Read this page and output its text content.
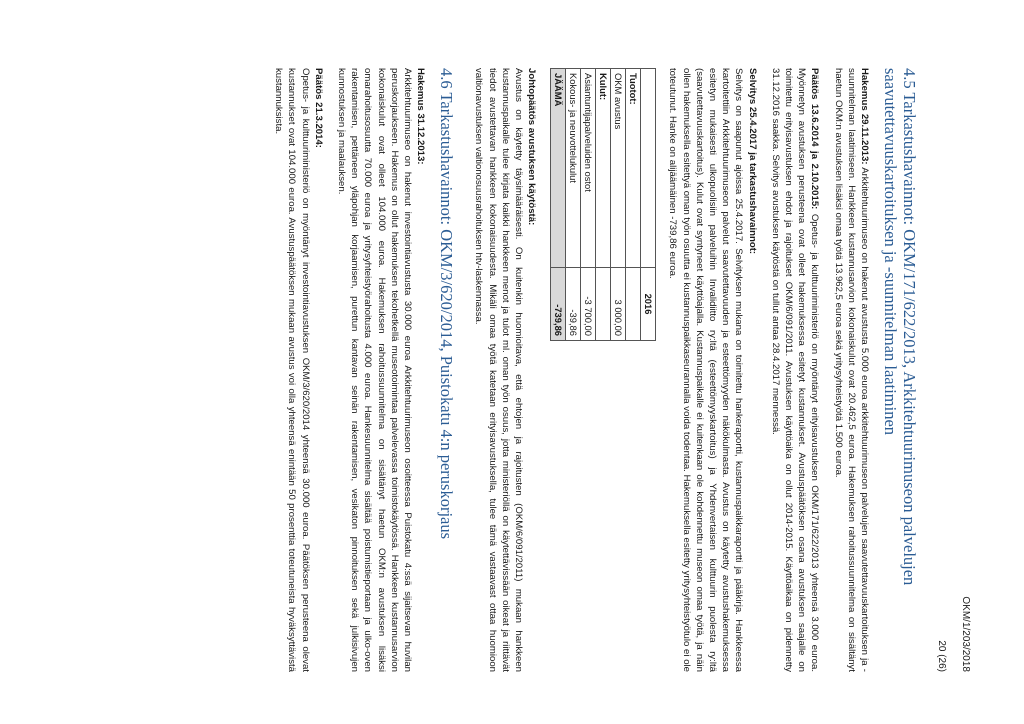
OKM/1/203/2018
20 (26)
4.5 Tarkastushavainnot: OKM/171/622/2013, Arkkitehtuurimuseon palvelujen saavutettavuuskartoituksen ja -suunnitelman laatiminen

Hakemus 29.11.2013: Arkkitehtuurimuseo on hakenut avustusta 5.000 euroa arkkitehtuurimuseon palvelujen saavutettavuuskartoituksen ja -suunnitelman laatimiseen. Hankkeen kustannusarvion kokonaiskulut ovat 20.462,5 euroa. Hakemuksen rahoitussuunnitelma on sisältänyt haetun OKM:n avustuksen lisäksi omaa työtä 13.962,5 euroa sekä yritysyhteistyötä 1.500 euroa.

Päätös 13.6.2014 ja 2.10.2015: Opetus- ja kulttuuriministeriö on myöntänyt erityisavustuksen OKM/171/622/2013 yhteensä 3.000 euroa. Myönnetyn avustuksen perusteena ovat olleet hakemuksessa esitetyt kustannukset. Avustuspäätöksen osana avustuksen saajalle on toimitettu erityisavustuksen ehdot ja rajoitukset OKM/6/091/2011. Avustuksen käyttöaika on ollut 2014-2015. Käyttöaikaa on pidennetty 31.12.2016 saakka. Selvitys avustuksen käytöstä on tullut antaa 28.4.2017 mennessä.

Selvitys 25.4.2017 ja tarkastushavainnot:
Selvitys on saapunut ajoissa 25.4.2017. Selvityksen mukana on toimitettu hankeraportti, kustannuspaikkaraportti ja pääkirja. Hankkeessa kartoitettiin Arkkitehtuurimuseon palvelut saavutettavuuden ja esteettömyyden näkökulmasta. Avustus on käytetty avustushakemuksessa esitetyn mukaisesti ulkopuolisiin palveluihin Invalidiitto ry:ltä (esteettömyyskartoitus) ja Yhdenvertaisen kulttuurin puolesta ry:ltä (saavutettavuuskartoitus). Kulut ovat syntyneet käyttöajalla. Kustannuspaikalle ei kuitenkaan ole kohdennettu museon omaa työtä, ja näin ollen hakemuksella esitettyä oman työn osuutta ei kustannuspaikkaseurannalla voida todentaa. Hakemuksella esitetty yritysyhteistyötulo ei ole toteutunut. Hanke on alijäämäinen -739,86 euroa.

	2016
Tuotot:	
OKM avustus	3 000,00
Kulut:	
Asiantuntijapalveluiden ostot	-3 700,00
Kokous- ja neuvottelukulut	-39,86
JÄÄMÄ	-739,86

Johtopäätös avustuksen käytöstä:
Avustus on käytetty täysimääräisesti. On kuitenkin huomioitava, että ehtojen ja rajoitusten (OKM/6/091/2011) mukaan hankkeen kustannuspaikalle tulee kirjata kaikki hankkeen menot ja tulot ml. oman työn osuus, jotta ministeriöllä on käytettävissään oikeat ja riittävät tiedot avustettavan hankkeen kokonaisuudesta. Mikäli omaa työtä katetaan erityisavustuksella, tulee tämä vastaavast ottaa huomioon valtionavustuksen valtionosuusrahoituksen htv-laskennassa.

4.6 Tarkastushavainnot: OKM/3/620/2014, Puistokatu 4:n peruskorjaus

Hakemus 31.12.2013:
Arkkitehtuurimuseo on hakenut investointiavustusta 30.000 euroa Arkkitehtuurimuseon osoitteessa Puistokatu 4:ssä sijaitsevan huvilan peruskorjaukseen. Hakemus on ollut hakemuksen tekohetkellä museotoimintaa palvelevassa toimistokäytössä. Hankkeen kustannusarvion kokonaiskulut ovat olleet 104.000 euroa. Hakemuksen rahoitussuunnitelma on sisältänyt haetun OKM:n avustuksen lisäksi omarahoitusosuutta 70.000 euroa ja yritysyhteistyörahoitusta 4.000 euroa. Hankesuunnitelma sisältää poistumistieportaan ja ulko-oven rakentamisen, pettäneen yläpohjan korjaamisen, purettun kantavan seinän rakentamisen, vesikaton pinnoituksen sekä julkisivujen kunnostuksen ja maalauksen.

Päätös 21.3.2014:
Opetus- ja kulttuuriministeriö on myöntänyt investointiavustuksen OKM/3/620/2014 yhteensä 30.000 euroa. Päätöksen perusteena olevat kustannukset ovat 104.000 euroa. Avustuspäätöksen mukaan avustus voi olla yhteensä enintään 50 prosenttia toteutuneista hyväksyttävistä kustannuksista.
